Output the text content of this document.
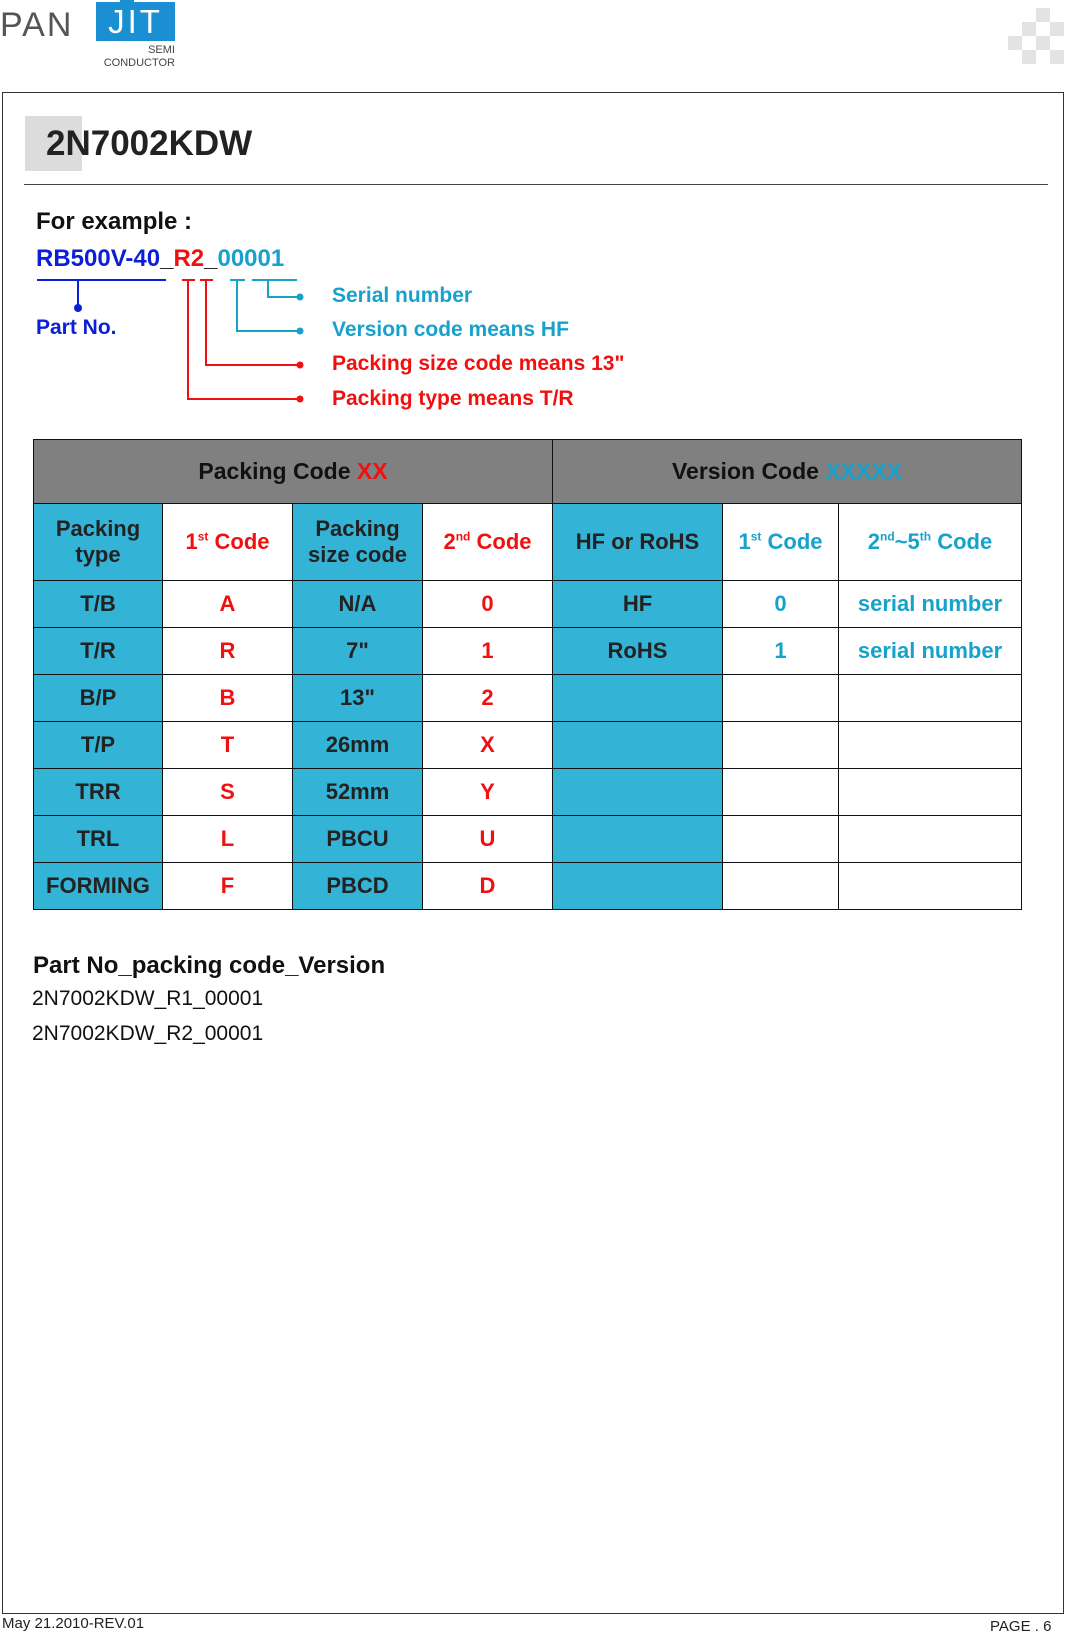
PAN	JIT
SEMI
CONDUCTOR
2N7002KDW
For example :
RB500V-40_R2_00001
Part No.
Serial number
Version code means HF
Packing size code means 13"
Packing type means T/R
Packing Code XX				Version Code XXXXX		
Packing type	1st Code	Packing size code	2nd Code	HF or RoHS	1st Code	2nd~5th Code
T/B	A	N/A	0	HF	0	serial number
T/R	R	7"	1	RoHS	1	serial number
B/P	B	13"	2			
T/P	T	26mm	X			
TRR	S	52mm	Y			
TRL	L	PBCU	U			
FORMING	F	PBCD	D			
Part No_packing code_Version
2N7002KDW_R1_00001
2N7002KDW_R2_00001
May 21.2010-REV.01	PAGE . 6
